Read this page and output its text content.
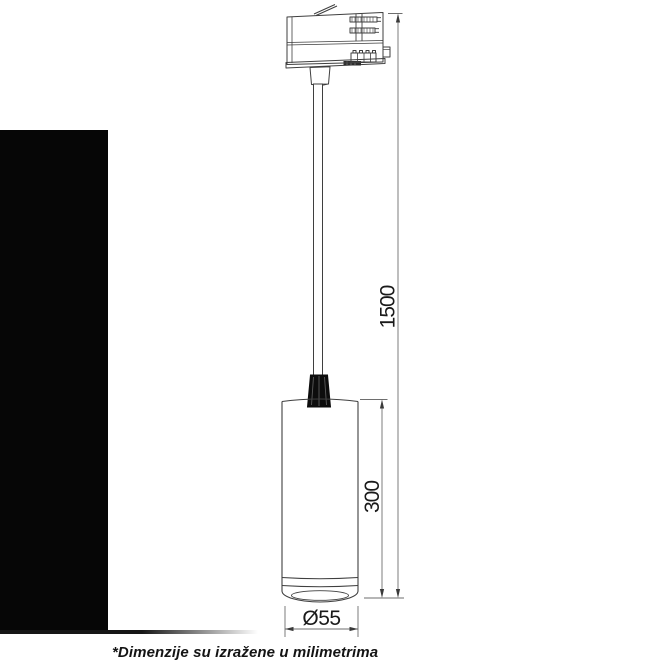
1500
300
Ø55
*Dimenzije su izražene u milimetrima
